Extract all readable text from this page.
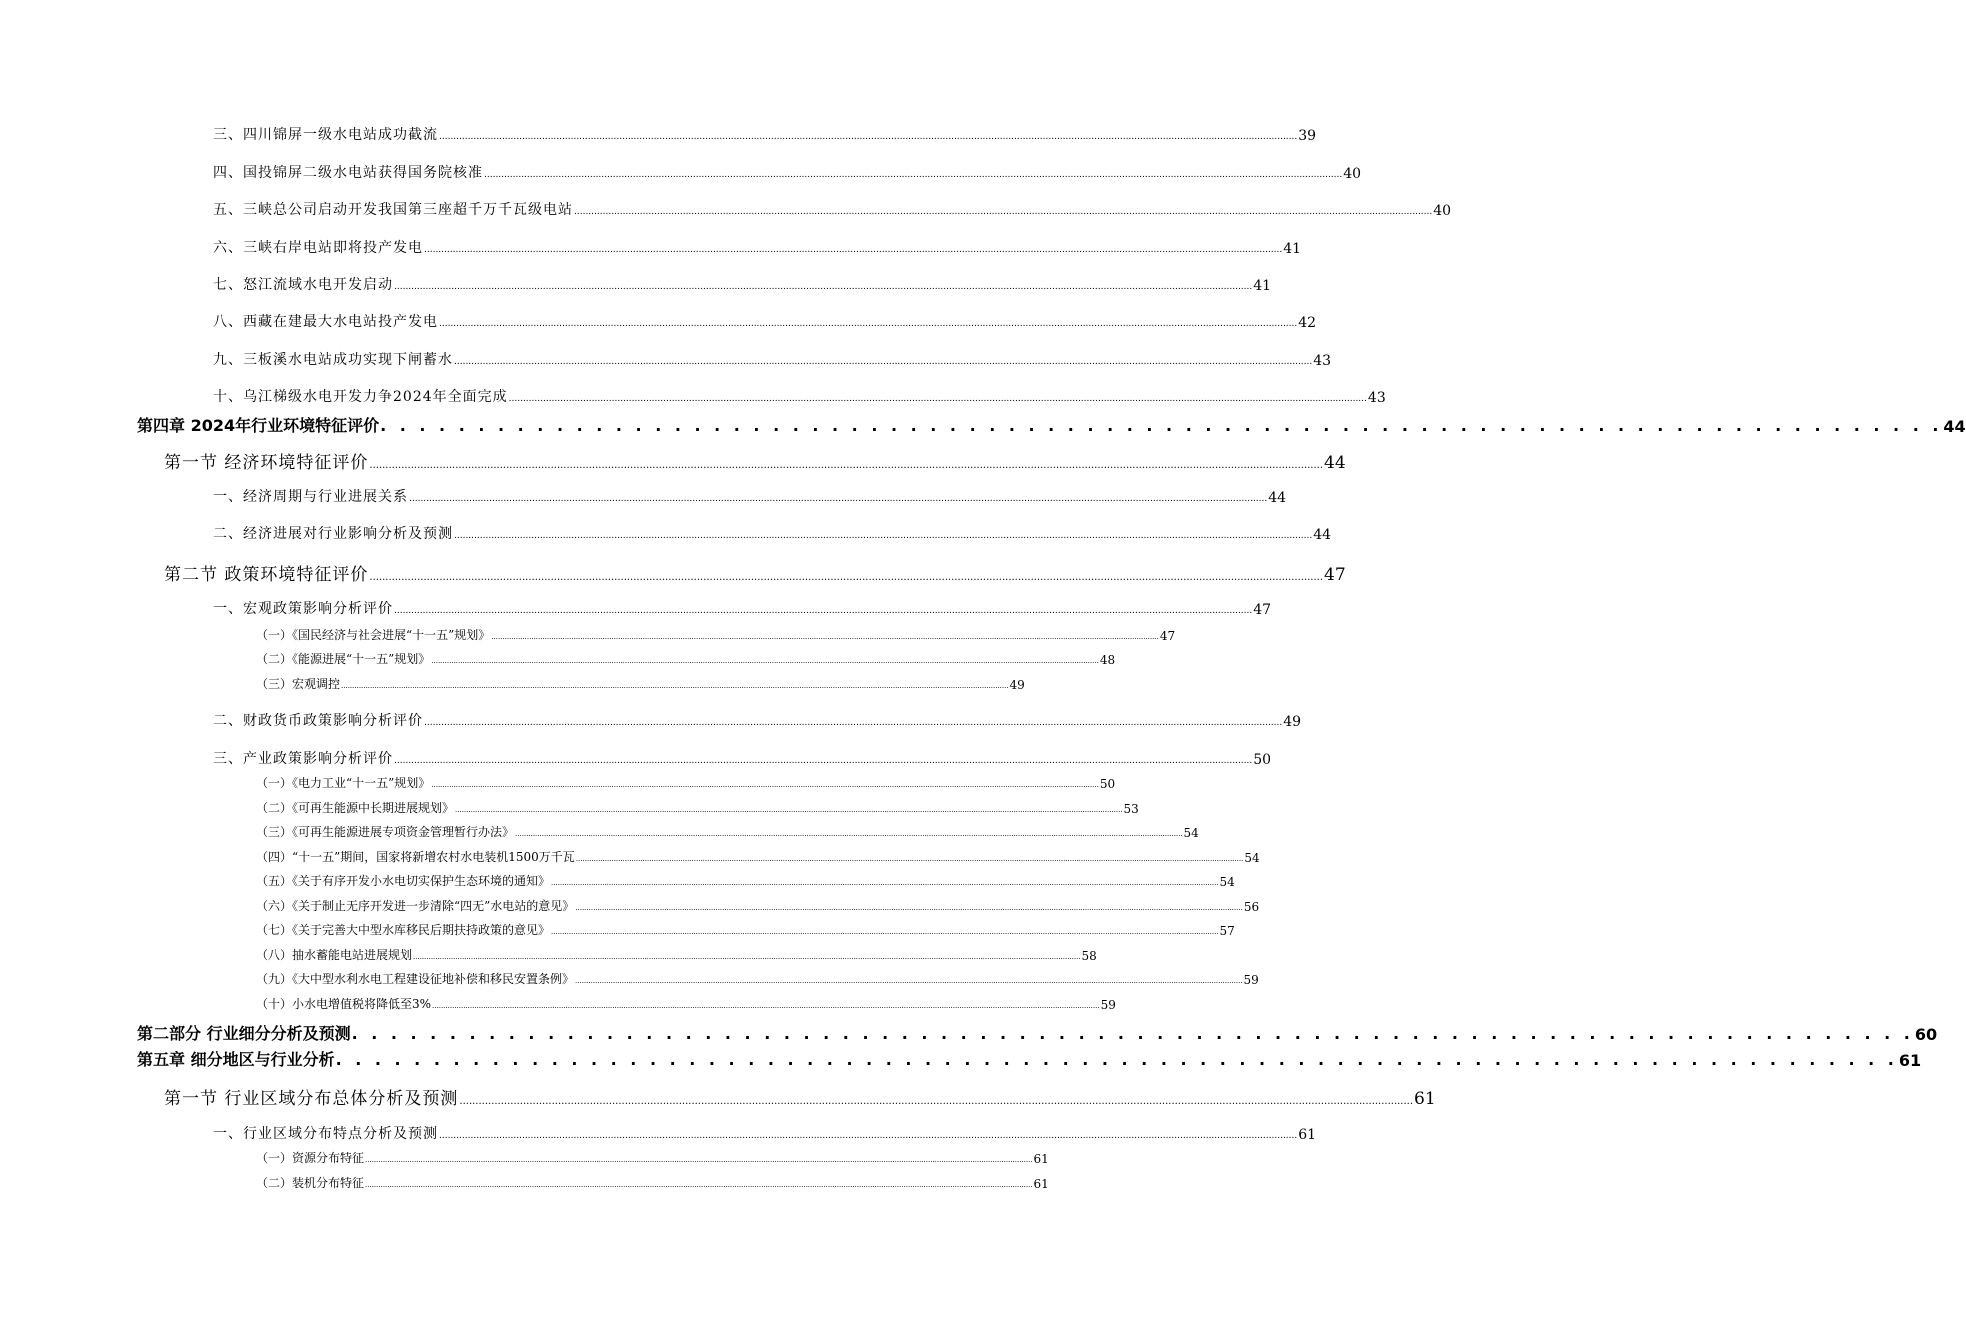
三、四川锦屏一级水电站成功截流 ............................................................................................................................................................................................................................................................................................................ 39
四、国投锦屏二级水电站获得国务院核准 ............................................................................................................................................................................................................................................................................................................ 40
五、三峡总公司启动开发我国第三座超千万千瓦级电站 ............................................................................................................................................................................................................................................................................................................ 40
六、三峡右岸电站即将投产发电 ............................................................................................................................................................................................................................................................................................................ 41
七、怒江流域水电开发启动 ............................................................................................................................................................................................................................................................................................................ 41
八、西藏在建最大水电站投产发电 ............................................................................................................................................................................................................................................................................................................ 42
九、三板溪水电站成功实现下闸蓄水 ............................................................................................................................................................................................................................................................................................................ 43
十、乌江梯级水电开发力争2024年全面完成 ............................................................................................................................................................................................................................................................................................................ 43
第四章 2024年行业环境特征评价 . . . . . . . . . . . . . . . . . . . . . . . . . . . . . . . . . . . . . . . . . . . . . . . . . . . . . . . . . . . . . . . . . . . . . . . . . . . . . . . . 44
第一节 经济环境特征评价 ............................................................................................................................................................................................................................................................................................................ 44
一、经济周期与行业进展关系 ............................................................................................................................................................................................................................................................................................................ 44
二、经济进展对行业影响分析及预测 ............................................................................................................................................................................................................................................................................................................ 44
第二节 政策环境特征评价 ............................................................................................................................................................................................................................................................................................................ 47
一、宏观政策影响分析评价 ............................................................................................................................................................................................................................................................................................................ 47
（一）《国民经济与社会进展“十一五”规划》 ............................................................................................................................................................................................................................................................................................................ 47
（二）《能源进展“十一五”规划》 ............................................................................................................................................................................................................................................................................................................ 48
（三）宏观调控 ............................................................................................................................................................................................................................................................................................................ 49
二、财政货币政策影响分析评价 ............................................................................................................................................................................................................................................................................................................ 49
三、产业政策影响分析评价 ............................................................................................................................................................................................................................................................................................................ 50
（一）《电力工业“十一五”规划》 ............................................................................................................................................................................................................................................................................................................ 50
（二）《可再生能源中长期进展规划》 ............................................................................................................................................................................................................................................................................................................ 53
（三）《可再生能源进展专项资金管理暂行办法》 ............................................................................................................................................................................................................................................................................................................ 54
（四）“十一五”期间，国家将新增农村水电装机1500万千瓦 ............................................................................................................................................................................................................................................................................................................ 54
（五）《关于有序开发小水电切实保护生态环境的通知》 ............................................................................................................................................................................................................................................................................................................ 54
（六）《关于制止无序开发进一步清除“四无”水电站的意见》 ............................................................................................................................................................................................................................................................................................................ 56
（七）《关于完善大中型水库移民后期扶持政策的意见》 ............................................................................................................................................................................................................................................................................................................ 57
（八）抽水蓄能电站进展规划 ............................................................................................................................................................................................................................................................................................................ 58
（九）《大中型水利水电工程建设征地补偿和移民安置条例》 ............................................................................................................................................................................................................................................................................................................ 59
（十）小水电增值税将降低至3% ............................................................................................................................................................................................................................................................................................................ 59
第二部分 行业细分分析及预测 . . . . . . . . . . . . . . . . . . . . . . . . . . . . . . . . . . . . . . . . . . . . . . . . . . . . . . . . . . . . . . . . . . . . . . . . . . . . . . . . 60
第五章 细分地区与行业分析 . . . . . . . . . . . . . . . . . . . . . . . . . . . . . . . . . . . . . . . . . . . . . . . . . . . . . . . . . . . . . . . . . . . . . . . . . . . . . . . . 61
第一节 行业区域分布总体分析及预测 ............................................................................................................................................................................................................................................................................................................ 61
一、行业区域分布特点分析及预测 ............................................................................................................................................................................................................................................................................................................ 61
（一）资源分布特征 ............................................................................................................................................................................................................................................................................................................ 61
（二）装机分布特征 ............................................................................................................................................................................................................................................................................................................ 61
